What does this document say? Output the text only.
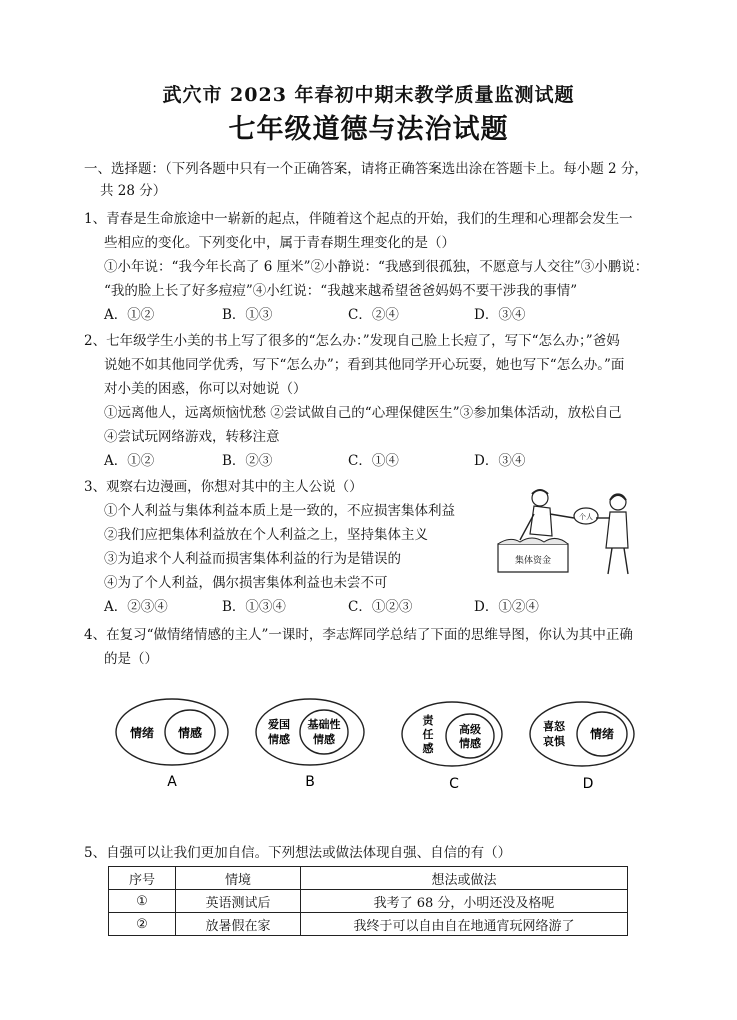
武穴市 2023 年春初中期末教学质量监测试题
七年级道德与法治试题
一、选择题：（下列各题中只有一个正确答案，请将正确答案选出涂在答题卡上。每小题 2 分，
共 28 分）
1、青春是生命旅途中一崭新的起点，伴随着这个起点的开始，我们的生理和心理都会发生一
些相应的变化。下列变化中，属于青春期生理变化的是（）
①小年说：“我今年长高了 6 厘米”②小静说：“我感到很孤独，不愿意与人交往”③小鹏说：
“我的脸上长了好多痘痘”④小红说：“我越来越希望爸爸妈妈不要干涉我的事情”
A．①②	B．①③	C．②④	D．③④
2、七年级学生小美的书上写了很多的“怎么办：”发现自己脸上长痘了，写下“怎么办；”爸妈
说她不如其他同学优秀，写下“怎么办”；看到其他同学开心玩耍，她也写下“怎么办。”面
对小美的困惑，你可以对她说（）
①远离他人，远离烦恼忧愁 ②尝试做自己的“心理保健医生”③参加集体活动，放松自己
④尝试玩网络游戏，转移注意
A．①②	B．②③	C．①④	D．③④
3、观察右边漫画，你想对其中的主人公说（）
①个人利益与集体利益本质上是一致的，不应损害集体利益
②我们应把集体利益放在个人利益之上，坚持集体主义
③为追求个人利益而损害集体利益的行为是错误的
④为了个人利益，偶尔损害集体利益也未尝不可
A．②③④	B．①③④	C．①②③	D．①②④
集体资金
个人
4、在复习“做情绪情感的主人”一课时，李志辉同学总结了下面的思维导图，你认为其中正确
的是（）
情绪 情感
A
爱国
情感
基础性
情感
B
责
任
感
高级
情感
C
喜怒
哀惧
情绪
D
5、自强可以让我们更加自信。下列想法或做法体现自强、自信的有（）
序号	情境	想法或做法
①	英语测试后	我考了 68 分，小明还没及格呢
②	放暑假在家	我终于可以自由自在地通宵玩网络游了
